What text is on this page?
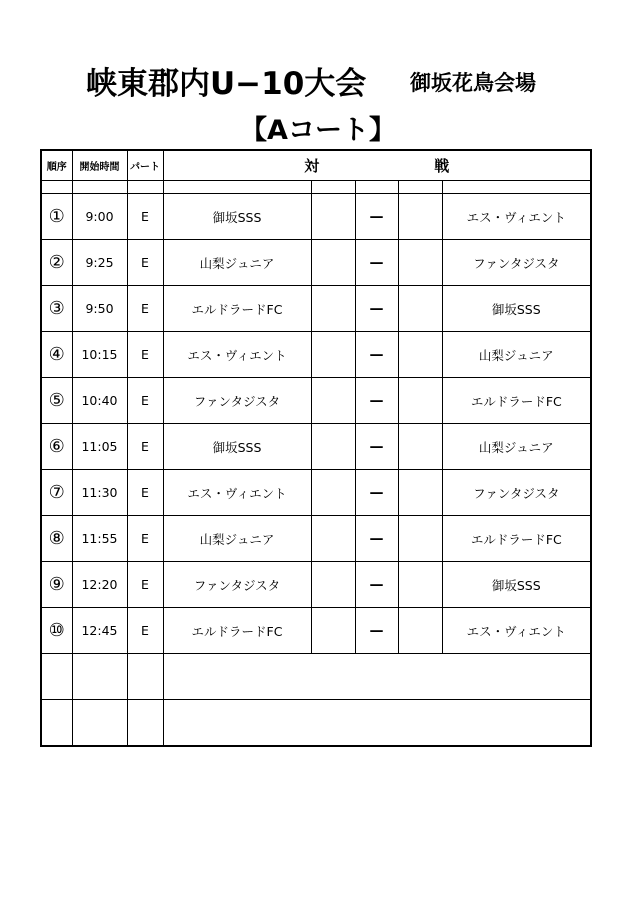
峡東郡内U−10大会 御坂花鳥会場
【Aコート】
順序	開始時間	パート	対 戦				

①	9:00	E	御坂SSS		—		エス・ヴィエント
②	9:25	E	山梨ジュニア		—		ファンタジスタ
③	9:50	E	エルドラードFC		—		御坂SSS
④	10:15	E	エス・ヴィエント		—		山梨ジュニア
⑤	10:40	E	ファンタジスタ		—		エルドラードFC
⑥	11:05	E	御坂SSS		—		山梨ジュニア
⑦	11:30	E	エス・ヴィエント		—		ファンタジスタ
⑧	11:55	E	山梨ジュニア		—		エルドラードFC
⑨	12:20	E	ファンタジスタ		—		御坂SSS
⑩	12:45	E	エルドラードFC		—		エス・ヴィエント
